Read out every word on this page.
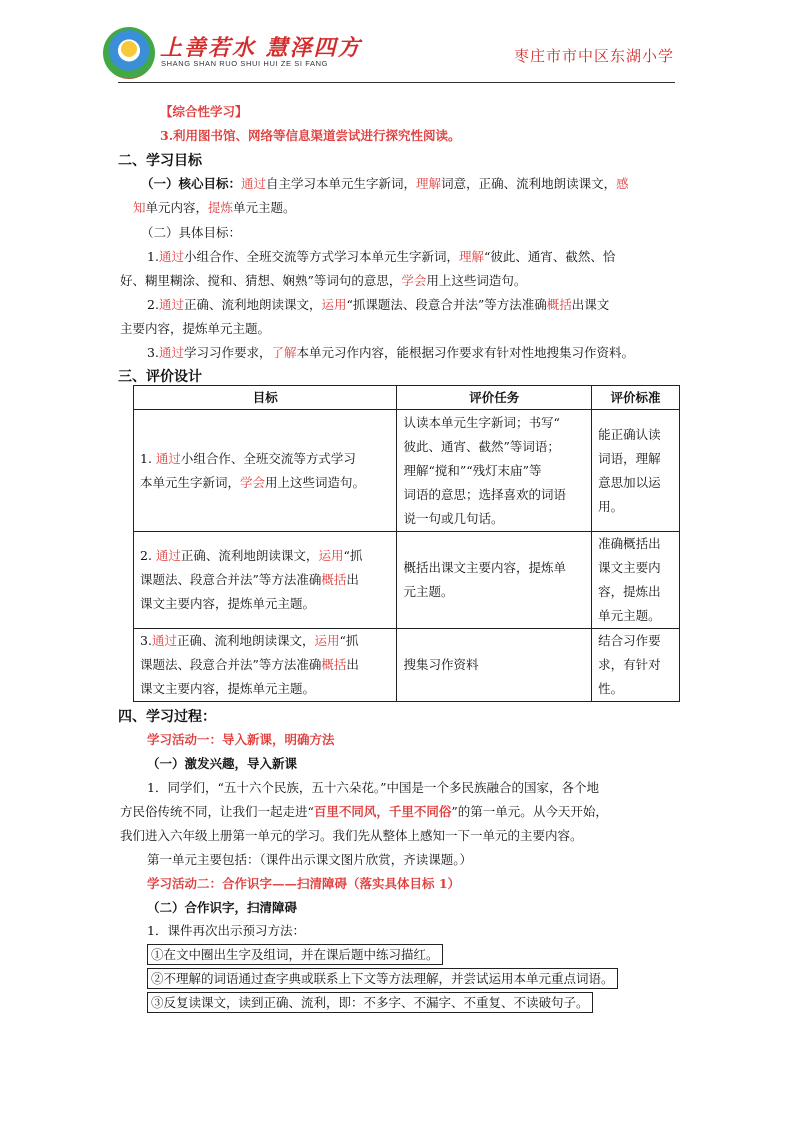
上善若水 慧泽四方
SHANG SHAN RUO SHUI HUI ZE SI FANG	枣庄市市中区东湖小学
【综合性学习】
3.利用图书馆、网络等信息渠道尝试进行探究性阅读。
二、学习目标
（一）核心目标：通过自主学习本单元生字新词，理解词意，正确、流利地朗读课文，感
知单元内容，提炼单元主题。
（二）具体目标：
1.通过小组合作、全班交流等方式学习本单元生字新词，理解“彼此、通宵、截然、恰
好、糊里糊涂、搅和、猜想、娴熟”等词句的意思，学会用上这些词造句。
2.通过正确、流利地朗读课文，运用“抓课题法、段意合并法”等方法准确概括出课文
主要内容，提炼单元主题。
3.通过学习习作要求，了解本单元习作内容，能根据习作要求有针对性地搜集习作资料。
三、评价设计
目标	评价任务	评价标准
1. 通过小组合作、全班交流等方式学习
本单元生字新词，学会用上这些词造句。	认读本单元生字新词；书写“
彼此、通宵、截然”等词语；
理解“搅和”“残灯末庙”等
词语的意思；选择喜欢的词语
说一句或几句话。	能正确认读
词语，理解
意思加以运
用。
2. 通过正确、流利地朗读课文，运用“抓
课题法、段意合并法”等方法准确概括出
课文主要内容，提炼单元主题。	概括出课文主要内容，提炼单
元主题。	准确概括出
课文主要内
容，提炼出
单元主题。
3.通过正确、流利地朗读课文，运用“抓
课题法、段意合并法”等方法准确概括出
课文主要内容，提炼单元主题。	搜集习作资料	结合习作要
求，有针对
性。
四、学习过程：
学习活动一：导入新课，明确方法
（一）激发兴趣，导入新课
1．同学们，“五十六个民族，五十六朵花。”中国是一个多民族融合的国家，各个地
方民俗传统不同，让我们一起走进“百里不同风，千里不同俗”的第一单元。从今天开始，
我们进入六年级上册第一单元的学习。我们先从整体上感知一下一单元的主要内容。
第一单元主要包括：（课件出示课文图片欣赏，齐读课题。）
学习活动二：合作识字——扫清障碍（落实具体目标 1）
（二）合作识字，扫清障碍
1．课件再次出示预习方法：
①在文中圈出生字及组词，并在课后题中练习描红。
②不理解的词语通过查字典或联系上下文等方法理解，并尝试运用本单元重点词语。
③反复读课文，读到正确、流利，即：不多字、不漏字、不重复、不读破句子。
